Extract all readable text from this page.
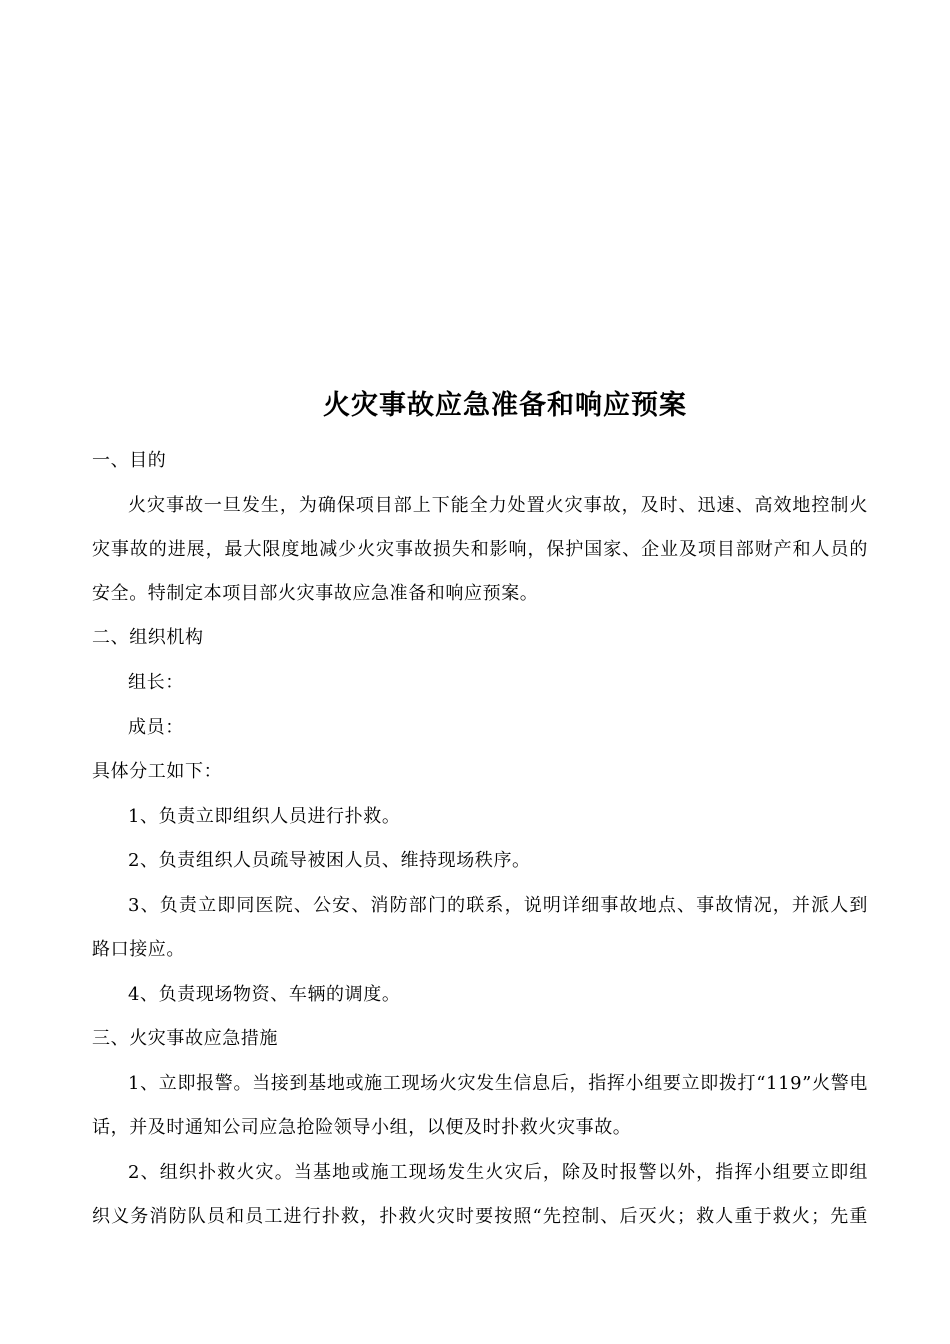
火灾事故应急准备和响应预案
一、目的
火灾事故一旦发生，为确保项目部上下能全力处置火灾事故，及时、迅速、高效地控制火
灾事故的进展，最大限度地减少火灾事故损失和影响，保护国家、企业及项目部财产和人员的
安全。特制定本项目部火灾事故应急准备和响应预案。
二、组织机构
组长：
成员：
具体分工如下：
1、负责立即组织人员进行扑救。
2、负责组织人员疏导被困人员、维持现场秩序。
3、负责立即同医院、公安、消防部门的联系，说明详细事故地点、事故情况，并派人到
路口接应。
4、负责现场物资、车辆的调度。
三、火灾事故应急措施
1、立即报警。当接到基地或施工现场火灾发生信息后，指挥小组要立即拨打“119”火警电
话，并及时通知公司应急抢险领导小组，以便及时扑救火灾事故。
2、组织扑救火灾。当基地或施工现场发生火灾后，除及时报警以外，指挥小组要立即组
织义务消防队员和员工进行扑救，扑救火灾时要按照“先控制、后灭火；救人重于救火；先重
